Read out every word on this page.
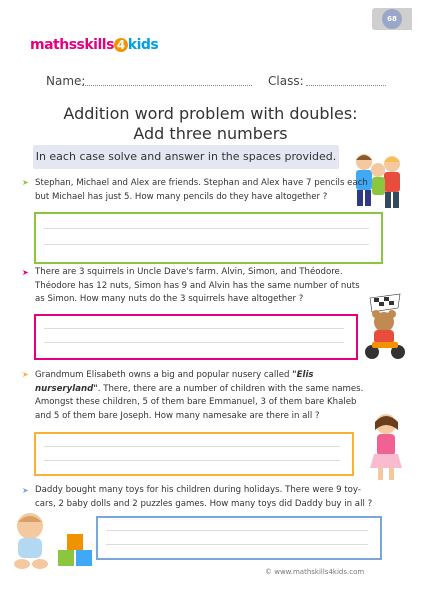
mathsskills 4 kids
68
Name:	Class:
Addition word problem with doubles:
Add three numbers
In each case solve and answer in the spaces provided.
➤ Stephan, Michael and Alex are friends. Stephan and Alex have 7 pencils each but Michael has just 5. How many pencils do they have altogether ?
➤ There are 3 squirrels in Uncle Dave's farm. Alvin, Simon, and Théodore. Théodore has 12 nuts, Simon has 9 and Alvin has the same number of nuts as Simon. How many nuts do the 3 squirrels have altogether ?
➤ Grandmum Elisabeth owns a big and popular nusery called "Elis nurseryland". There, there are a number of children with the same names. Amongst these children, 5 of them bare Emmanuel, 3 of them bare Khaleb and 5 of them bare Joseph. How many namesake are there in all ?
➤ Daddy bought many toys for his children during holidays. There were 9 toy-cars, 2 baby dolls and 2 puzzles games. How many toys did Daddy buy in all ?
© www.mathskills4kids.com
